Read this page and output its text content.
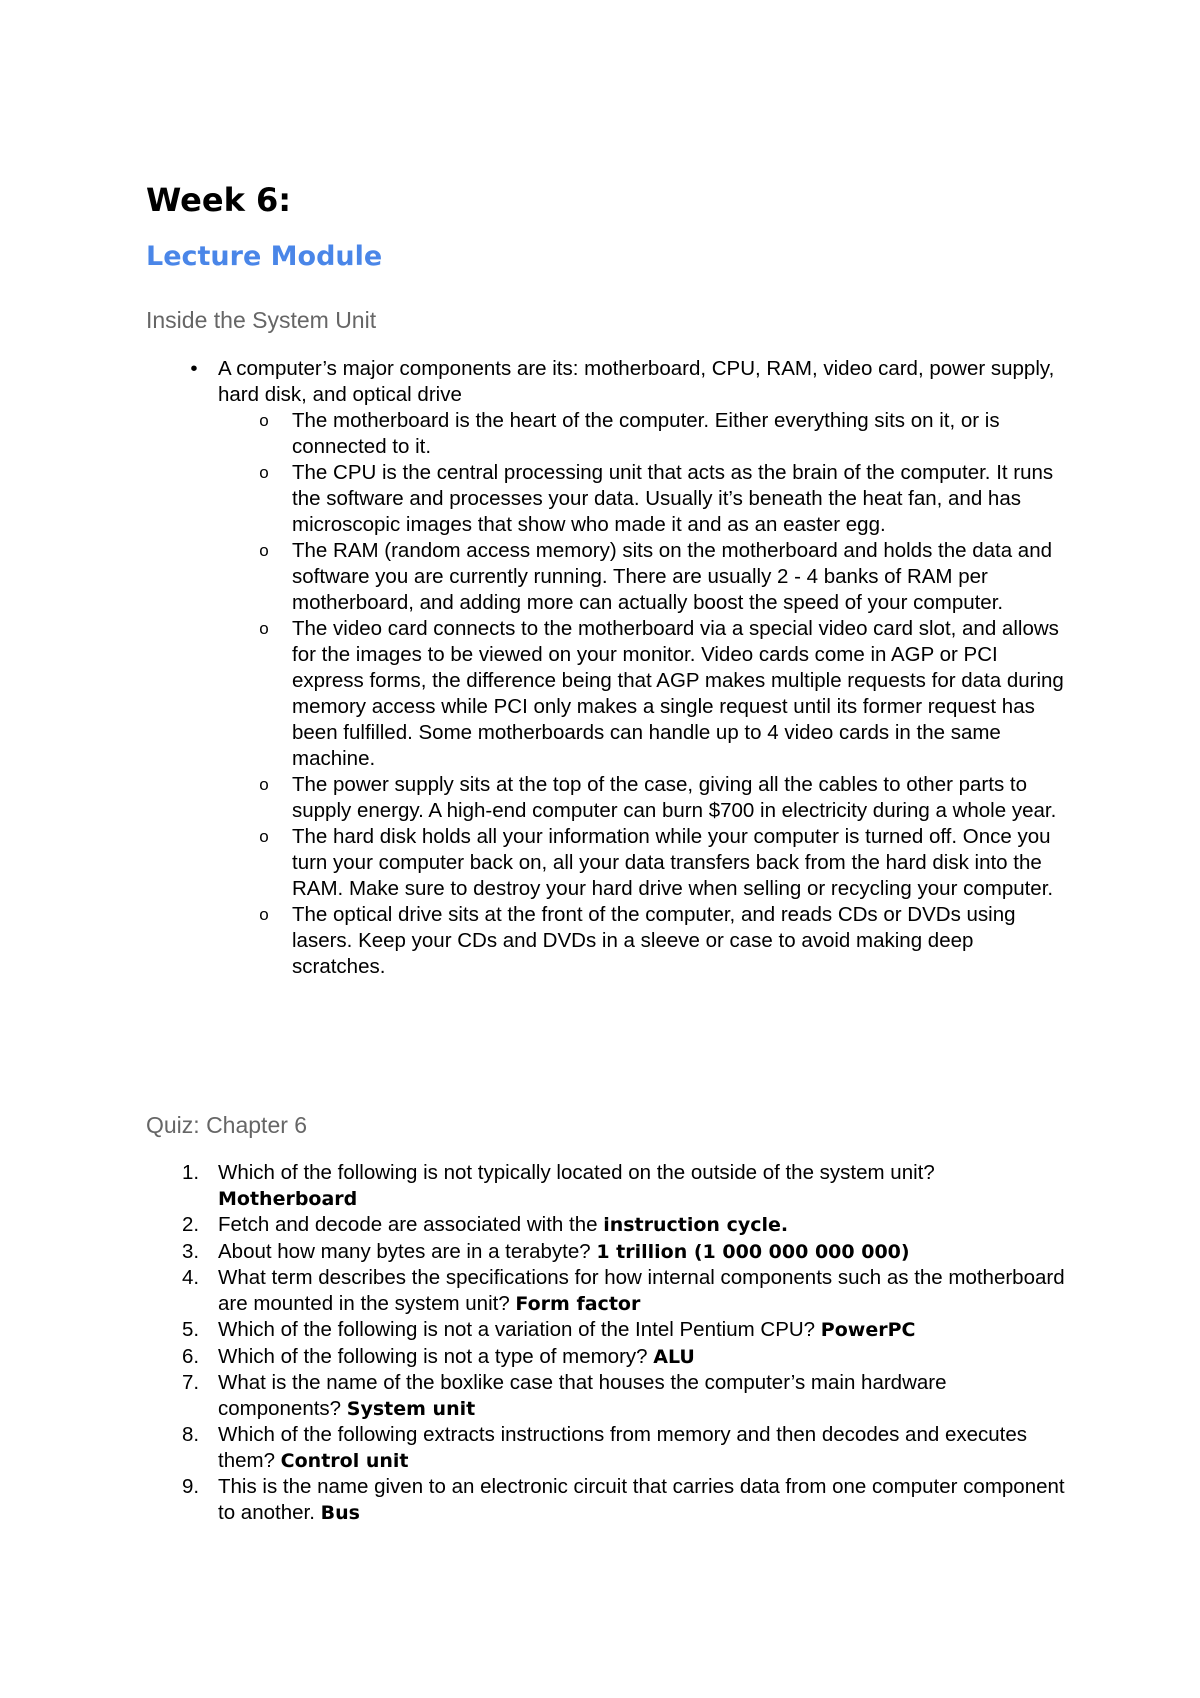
Week 6:
Lecture Module
Inside the System Unit
• A computer’s major components are its: motherboard, CPU, RAM, video card, power supply, hard disk, and optical drive
o The motherboard is the heart of the computer. Either everything sits on it, or is connected to it.
o The CPU is the central processing unit that acts as the brain of the computer. It runs the software and processes your data. Usually it’s beneath the heat fan, and has microscopic images that show who made it and as an easter egg.
o The RAM (random access memory) sits on the motherboard and holds the data and software you are currently running. There are usually 2 - 4 banks of RAM per motherboard, and adding more can actually boost the speed of your computer.
o The video card connects to the motherboard via a special video card slot, and allows for the images to be viewed on your monitor. Video cards come in AGP or PCI express forms, the difference being that AGP makes multiple requests for data during memory access while PCI only makes a single request until its former request has been fulfilled. Some motherboards can handle up to 4 video cards in the same machine.
o The power supply sits at the top of the case, giving all the cables to other parts to supply energy. A high-end computer can burn $700 in electricity during a whole year.
o The hard disk holds all your information while your computer is turned off. Once you turn your computer back on, all your data transfers back from the hard disk into the RAM. Make sure to destroy your hard drive when selling or recycling your computer.
o The optical drive sits at the front of the computer, and reads CDs or DVDs using lasers. Keep your CDs and DVDs in a sleeve or case to avoid making deep scratches.
Quiz: Chapter 6
1. Which of the following is not typically located on the outside of the system unit? Motherboard
2. Fetch and decode are associated with the instruction cycle.
3. About how many bytes are in a terabyte? 1 trillion (1 000 000 000 000)
4. What term describes the specifications for how internal components such as the motherboard are mounted in the system unit? Form factor
5. Which of the following is not a variation of the Intel Pentium CPU? PowerPC
6. Which of the following is not a type of memory? ALU
7. What is the name of the boxlike case that houses the computer’s main hardware components? System unit
8. Which of the following extracts instructions from memory and then decodes and executes them? Control unit
9. This is the name given to an electronic circuit that carries data from one computer component to another. Bus
